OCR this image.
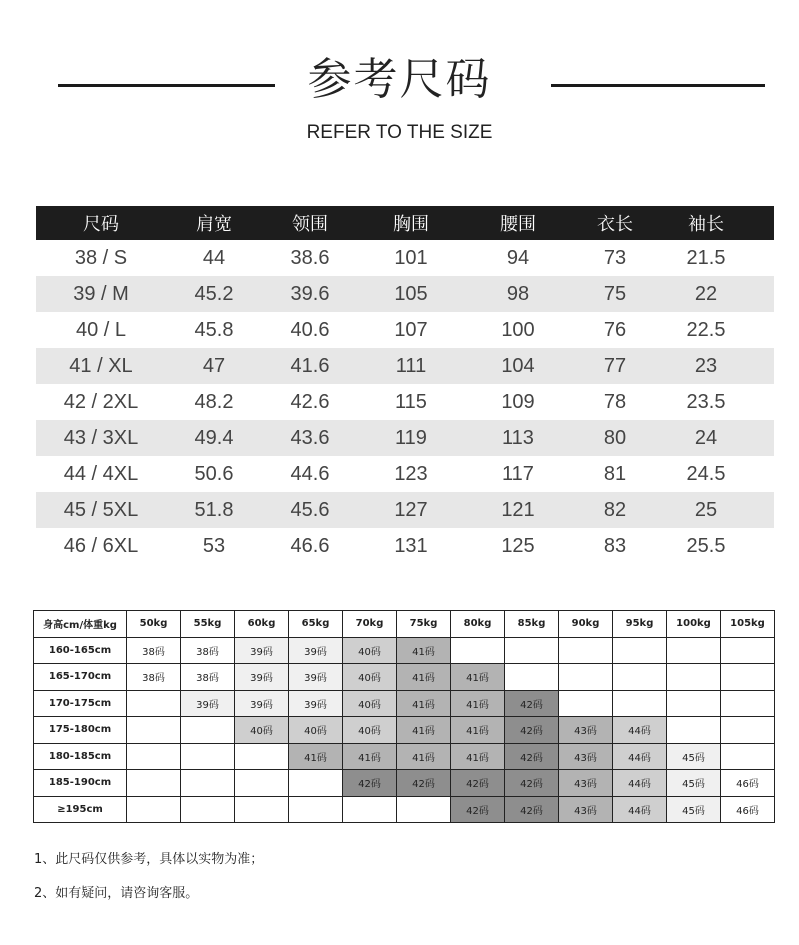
参考尺码
REFER TO THE SIZE
尺码	肩宽	领围	胸围	腰围	衣长	袖长
38 / S	44	38.6	101	94	73	21.5
39 / M	45.2	39.6	105	98	75	22
40 / L	45.8	40.6	107	100	76	22.5
41 / XL	47	41.6	111	104	77	23
42 / 2XL	48.2	42.6	115	109	78	23.5
43 / 3XL	49.4	43.6	119	113	80	24
44 / 4XL	50.6	44.6	123	117	81	24.5
45 / 5XL	51.8	45.6	127	121	82	25
46 / 6XL	53	46.6	131	125	83	25.5
身高cm/体重kg	50kg	55kg	60kg	65kg	70kg	75kg	80kg	85kg	90kg	95kg	100kg	105kg
160-165cm	38码	38码	39码	39码	40码	41码						
165-170cm	38码	38码	39码	39码	40码	41码	41码					
170-175cm		39码	39码	39码	40码	41码	41码	42码				
175-180cm			40码	40码	40码	41码	41码	42码	43码	44码		
180-185cm				41码	41码	41码	41码	42码	43码	44码	45码	
185-190cm					42码	42码	42码	42码	43码	44码	45码	46码
≥195cm							42码	42码	43码	44码	45码	46码

1、此尺码仅供参考，具体以实物为准；

2、如有疑问，请咨询客服。
